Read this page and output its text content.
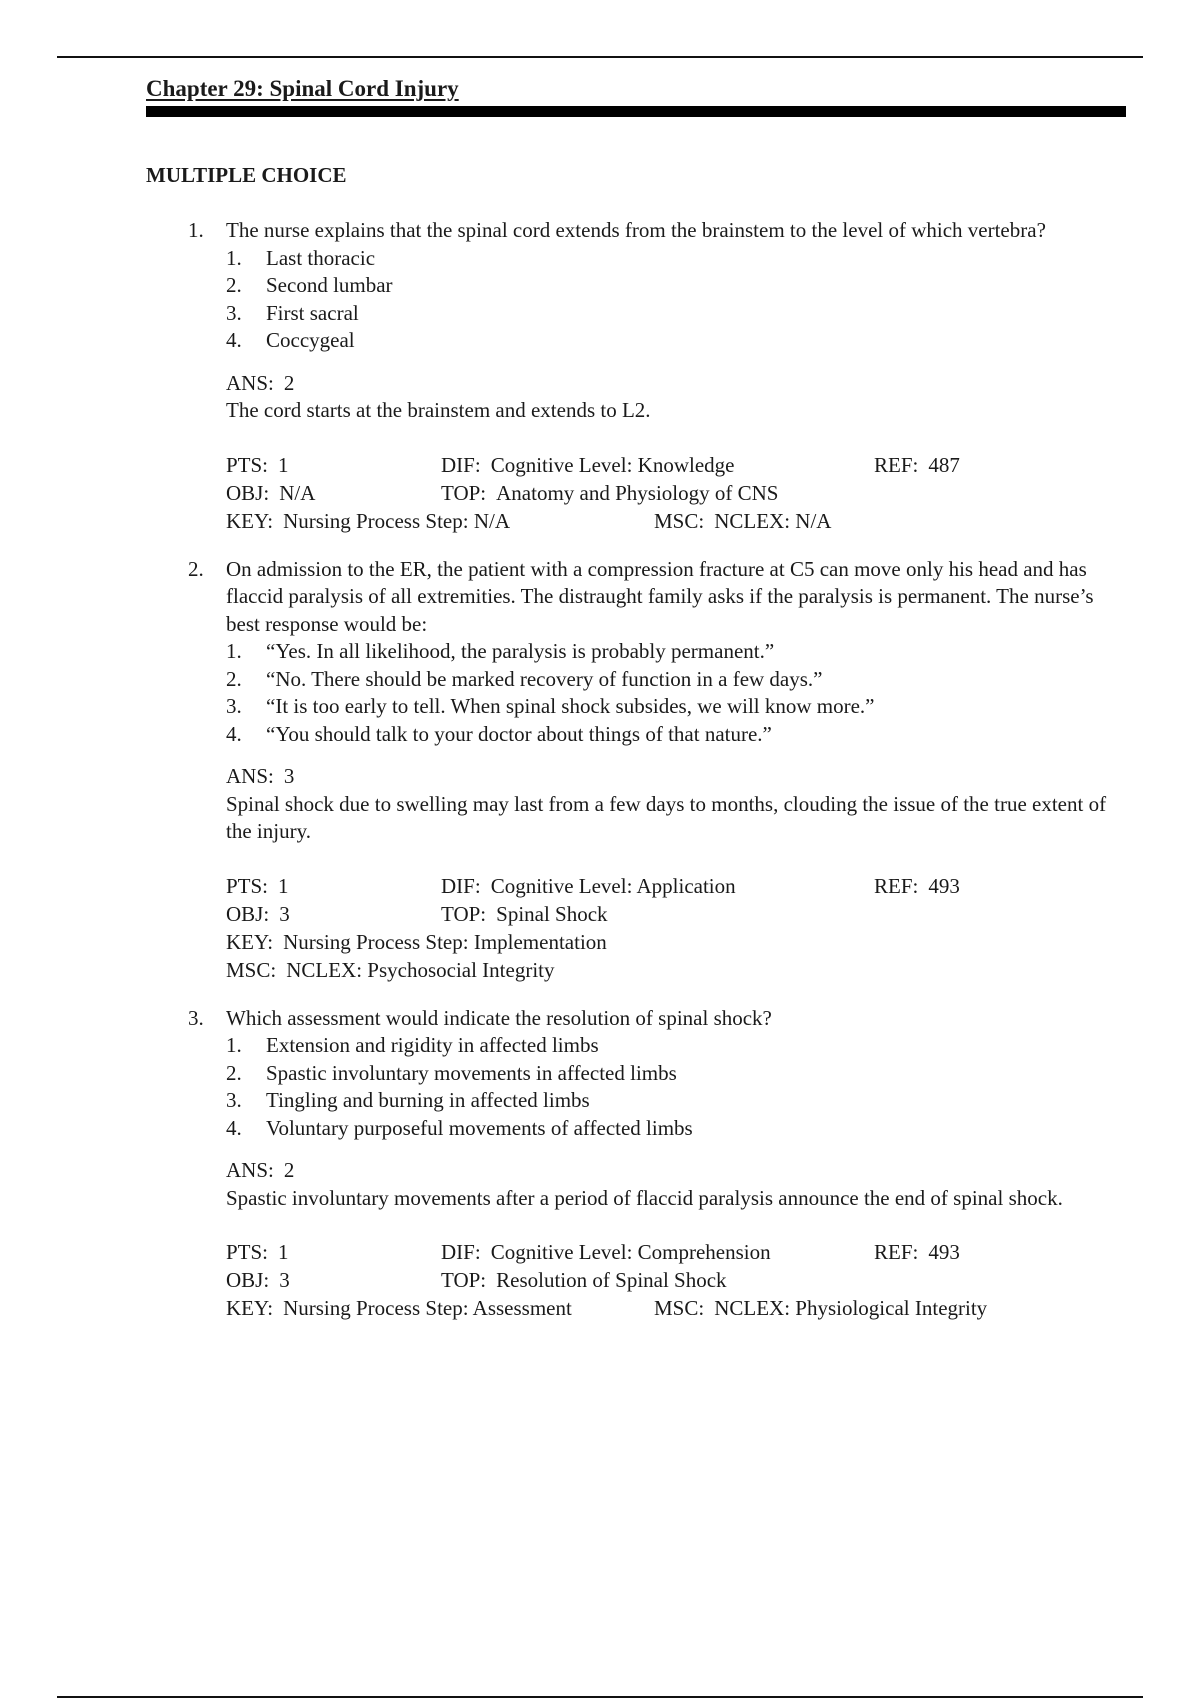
Chapter 29: Spinal Cord Injury
MULTIPLE CHOICE
1. The nurse explains that the spinal cord extends from the brainstem to the level of which vertebra?

1. Last thoracic
2. Second lumbar
3. First sacral
4. Coccygeal
ANS: 2
The cord starts at the brainstem and extends to L2.
PTS: 1	DIF: Cognitive Level: Knowledge	REF: 487
OBJ: N/A	TOP: Anatomy and Physiology of CNS
KEY: Nursing Process Step: N/A	MSC: NCLEX: N/A
2. On admission to the ER, the patient with a compression fracture at C5 can move only his head and has flaccid paralysis of all extremities. The distraught family asks if the paralysis is permanent. The nurse’s best response would be:

1. “Yes. In all likelihood, the paralysis is probably permanent.”
2. “No. There should be marked recovery of function in a few days.”
3. “It is too early to tell. When spinal shock subsides, we will know more.”
4. “You should talk to your doctor about things of that nature.”
ANS: 3
Spinal shock due to swelling may last from a few days to months, clouding the issue of the true extent of the injury.
PTS: 1	DIF: Cognitive Level: Application	REF: 493
OBJ: 3	TOP: Spinal Shock
KEY: Nursing Process Step: Implementation
MSC: NCLEX: Psychosocial Integrity
3. Which assessment would indicate the resolution of spinal shock?

1. Extension and rigidity in affected limbs
2. Spastic involuntary movements in affected limbs
3. Tingling and burning in affected limbs
4. Voluntary purposeful movements of affected limbs
ANS: 2
Spastic involuntary movements after a period of flaccid paralysis announce the end of spinal shock.
PTS: 1	DIF: Cognitive Level: Comprehension	REF: 493
OBJ: 3	TOP: Resolution of Spinal Shock
KEY: Nursing Process Step: Assessment	MSC: NCLEX: Physiological Integrity
